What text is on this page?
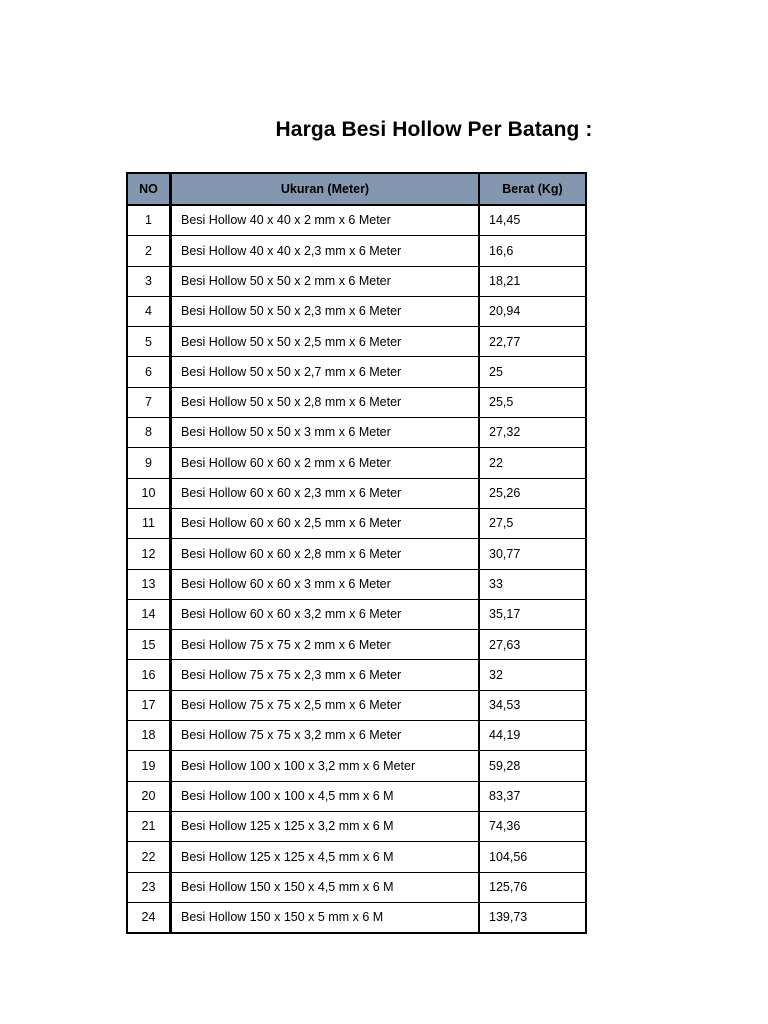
Harga Besi Hollow Per Batang :
NO	Ukuran (Meter)	Berat (Kg)
1	Besi Hollow 40 x 40 x 2 mm x 6 Meter	14,45
2	Besi Hollow 40 x 40 x 2,3 mm x 6 Meter	16,6
3	Besi Hollow 50 x 50 x 2 mm x 6 Meter	18,21
4	Besi Hollow 50 x 50 x 2,3 mm x 6 Meter	20,94
5	Besi Hollow 50 x 50 x 2,5 mm x 6 Meter	22,77
6	Besi Hollow 50 x 50 x 2,7 mm x 6 Meter	25
7	Besi Hollow 50 x 50 x 2,8 mm x 6 Meter	25,5
8	Besi Hollow 50 x 50 x 3 mm x 6 Meter	27,32
9	Besi Hollow 60 x 60 x 2 mm x 6 Meter	22
10	Besi Hollow 60 x 60 x 2,3 mm x 6 Meter	25,26
11	Besi Hollow 60 x 60 x 2,5 mm x 6 Meter	27,5
12	Besi Hollow 60 x 60 x 2,8 mm x 6 Meter	30,77
13	Besi Hollow 60 x 60 x 3 mm x 6 Meter	33
14	Besi Hollow 60 x 60 x 3,2 mm x 6 Meter	35,17
15	Besi Hollow 75 x 75 x 2 mm x 6 Meter	27,63
16	Besi Hollow 75 x 75 x 2,3 mm x 6 Meter	32
17	Besi Hollow 75 x 75 x 2,5 mm x 6 Meter	34,53
18	Besi Hollow 75 x 75 x 3,2 mm x 6 Meter	44,19
19	Besi Hollow 100 x 100 x 3,2 mm x 6 Meter	59,28
20	Besi Hollow 100 x 100 x 4,5 mm x 6 M	83,37
21	Besi Hollow 125 x 125 x 3,2 mm x 6 M	74,36
22	Besi Hollow 125 x 125 x 4,5 mm x 6 M	104,56
23	Besi Hollow 150 x 150 x 4,5 mm x 6 M	125,76
24	Besi Hollow 150 x 150 x 5 mm x 6 M	139,73
